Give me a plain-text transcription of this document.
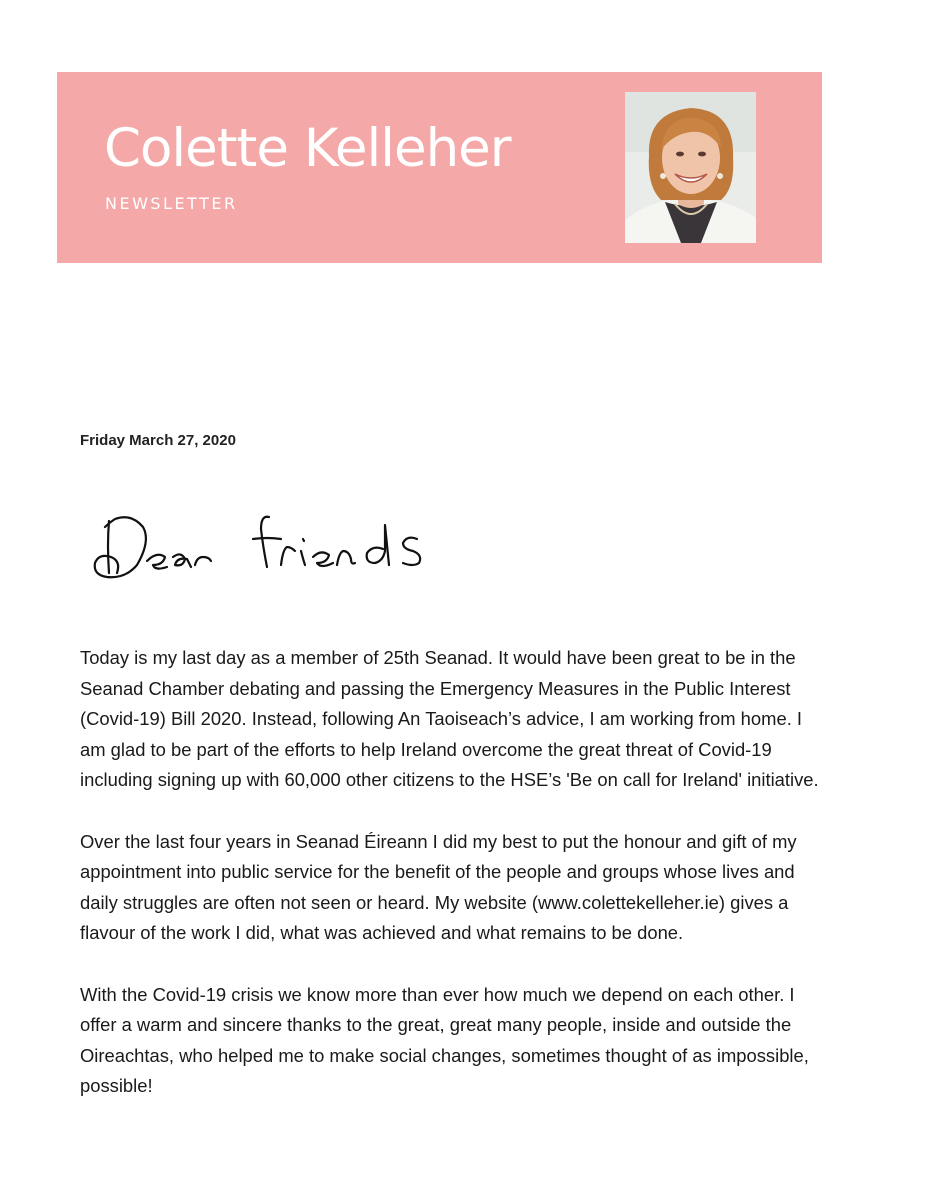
Colette Kelleher
NEWSLETTER
Friday March 27, 2020

Today is my last day as a member of 25th Seanad. It would have been great to be in the Seanad Chamber debating and passing the Emergency Measures in the Public Interest (Covid-19) Bill 2020. Instead, following An Taoiseach’s advice, I am working from home. I am glad to be part of the efforts to help Ireland overcome the great threat of Covid-19 including signing up with 60,000 other citizens to the HSE’s 'Be on call for Ireland' initiative.

Over the last four years in Seanad Éireann I did my best to put the honour and gift of my appointment into public service for the benefit of the people and groups whose lives and daily struggles are often not seen or heard. My website (www.colettekelleher.ie) gives a flavour of the work I did, what was achieved and what remains to be done.

With the Covid-19 crisis we know more than ever how much we depend on each other. I offer a warm and sincere thanks to the great, great many people, inside and outside the Oireachtas, who helped me to make social changes, sometimes thought of as impossible, possible!
